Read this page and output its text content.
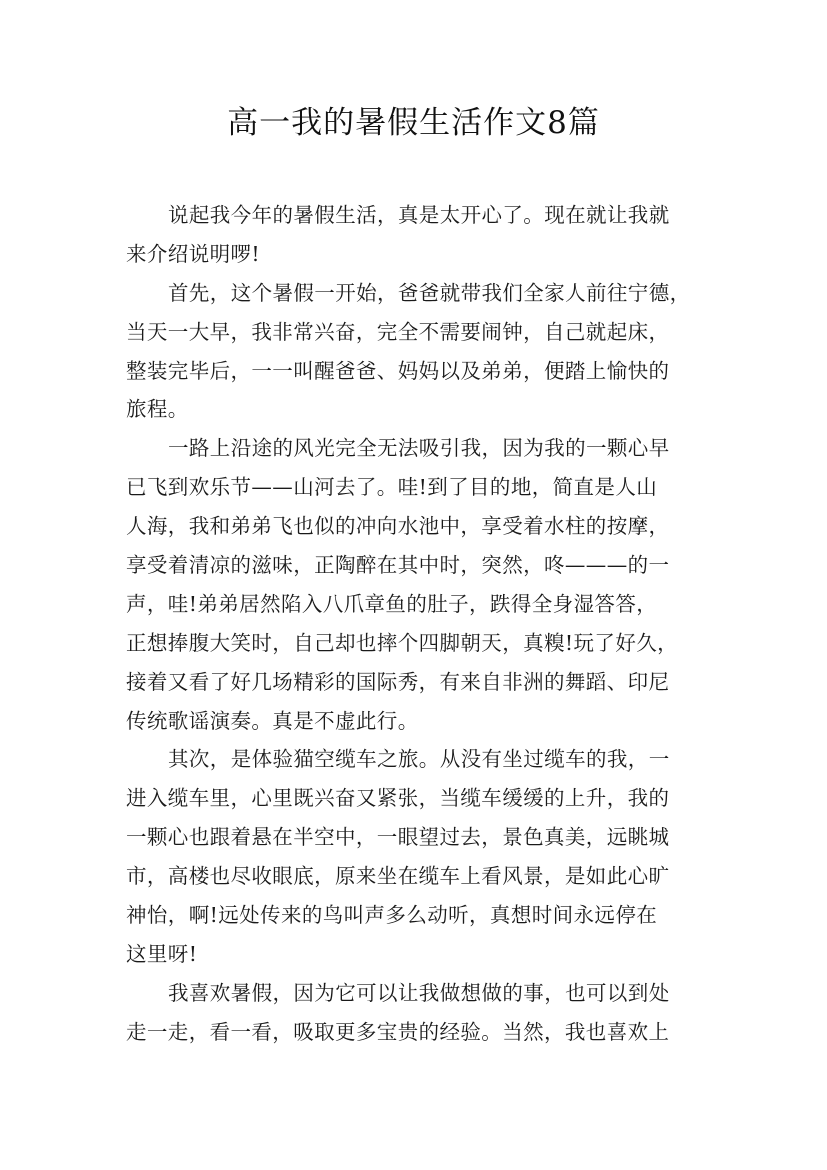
高一我的暑假生活作文8篇
说起我今年的暑假生活，真是太开心了。现在就让我就
来介绍说明啰!
首先，这个暑假一开始，爸爸就带我们全家人前往宁德，
当天一大早，我非常兴奋，完全不需要闹钟，自己就起床，
整装完毕后，一一叫醒爸爸、妈妈以及弟弟，便踏上愉快的
旅程。
一路上沿途的风光完全无法吸引我，因为我的一颗心早
已飞到欢乐节——山河去了。哇!到了目的地，简直是人山
人海，我和弟弟飞也似的冲向水池中，享受着水柱的按摩，
享受着清凉的滋味，正陶醉在其中时，突然，咚———的一
声，哇!弟弟居然陷入八爪章鱼的肚子，跌得全身湿答答，
正想捧腹大笑时，自己却也摔个四脚朝天，真糗!玩了好久，
接着又看了好几场精彩的国际秀，有来自非洲的舞蹈、印尼
传统歌谣演奏。真是不虚此行。
其次，是体验猫空缆车之旅。从没有坐过缆车的我，一
进入缆车里，心里既兴奋又紧张，当缆车缓缓的上升，我的
一颗心也跟着悬在半空中，一眼望过去，景色真美，远眺城
市，高楼也尽收眼底，原来坐在缆车上看风景，是如此心旷
神怡，啊!远处传来的鸟叫声多么动听，真想时间永远停在
这里呀!
我喜欢暑假，因为它可以让我做想做的事，也可以到处
走一走，看一看，吸取更多宝贵的经验。当然，我也喜欢上
